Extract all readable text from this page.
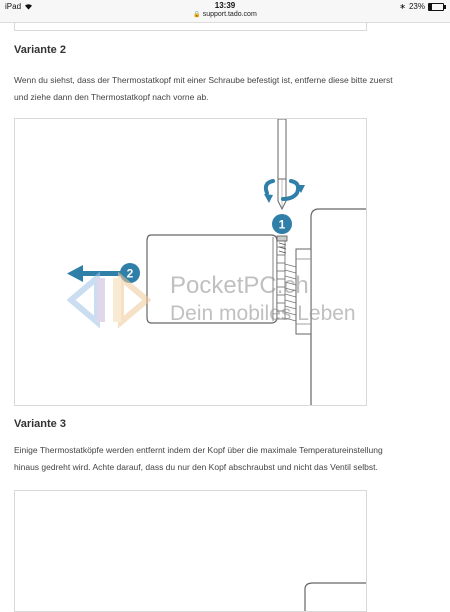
iPad	13:39
🔒 support.tado.com
∗ 23%
Variante 2

Wenn du siehst, dass der Thermostatkopf mit einer Schraube befestigt ist, entferne diese bitte zuerst
und ziehe dann den Thermostatkopf nach vorne ab.

1
2 PocketPC.ch
Dein mobiles Leben
Variante 3

Einige Thermostatköpfe werden entfernt indem der Kopf über die maximale Temperatureinstellung
hinaus gedreht wird. Achte darauf, dass du nur den Kopf abschraubst und nicht das Ventil selbst.
